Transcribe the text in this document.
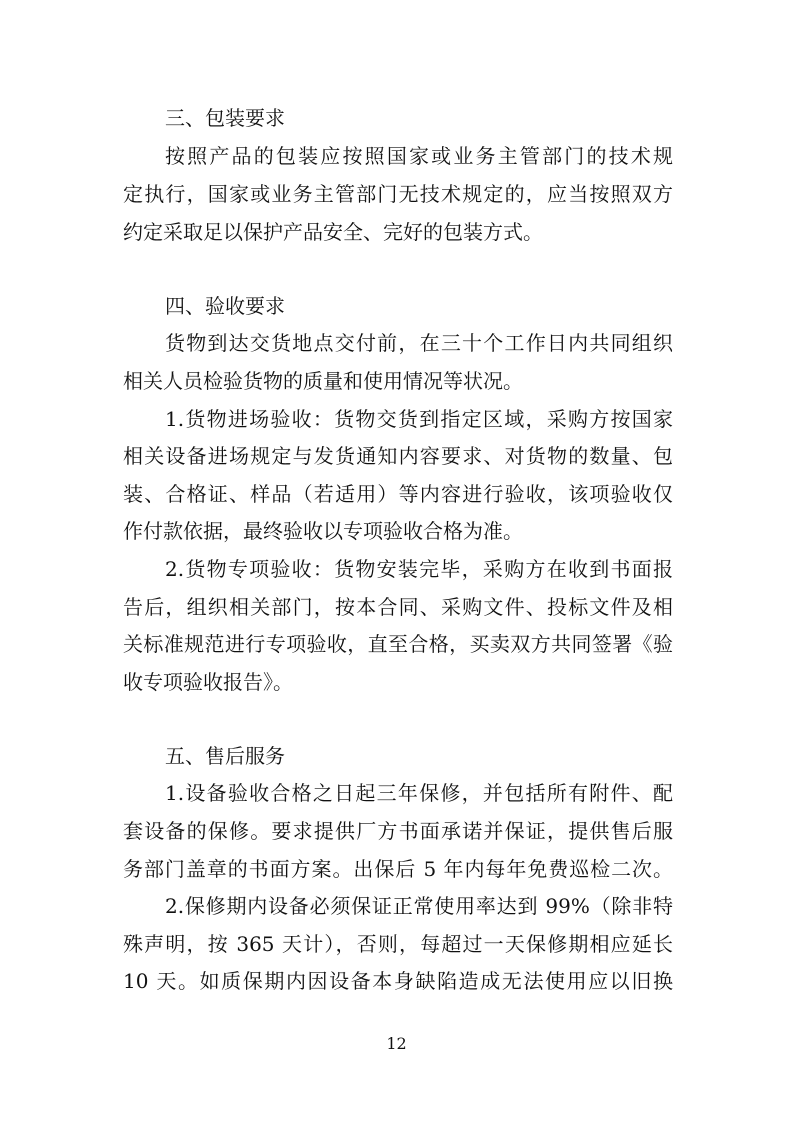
三、包装要求
按照产品的包装应按照国家或业务主管部门的技术规
定执行，国家或业务主管部门无技术规定的，应当按照双方
约定采取足以保护产品安全、完好的包装方式。
四、验收要求
货物到达交货地点交付前，在三十个工作日内共同组织
相关人员检验货物的质量和使用情况等状况。
1.货物进场验收：货物交货到指定区域，采购方按国家
相关设备进场规定与发货通知内容要求、对货物的数量、包
装、合格证、样品（若适用）等内容进行验收，该项验收仅
作付款依据，最终验收以专项验收合格为准。
2.货物专项验收：货物安装完毕，采购方在收到书面报
告后，组织相关部门，按本合同、采购文件、投标文件及相
关标准规范进行专项验收，直至合格，买卖双方共同签署《验
收专项验收报告》。
五、售后服务
1.设备验收合格之日起三年保修，并包括所有附件、配
套设备的保修。要求提供厂方书面承诺并保证，提供售后服
务部门盖章的书面方案。出保后 5 年内每年免费巡检二次。
2.保修期内设备必须保证正常使用率达到 99%（除非特
殊声明，按 365 天计），否则，每超过一天保修期相应延长
10 天。如质保期内因设备本身缺陷造成无法使用应以旧换
12
